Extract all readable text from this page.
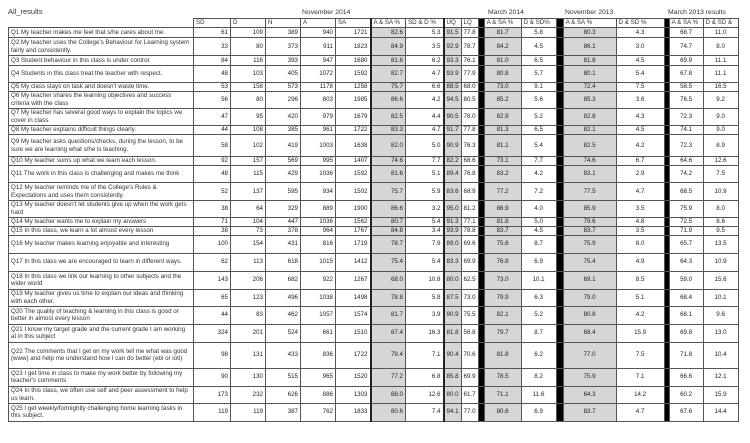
All_results	November 2014	March 2014	November 2013	March 2013 results
	SD	D	N	A	SA	A & SA %	SD & D %	UQ	LQ		A & SA %	D & SD%		A & SA %	D & SD %		A & SA %	D & SD &
Q1 My teacher makes me feel that s/he cares about me.	61	109	389	940	1721	82.6	5.3	91.5	77.8		81.7	5.8		80.3	4.3		68.7	11.0
Q2 My teacher uses the College's Behaviour for Learning system fairly and consistently.	33	80	373	911	1823	84.9	3.5	92.9	78.7		84.2	4.5		86.1	3.0		74.7	8.0
Q3 Student behaviour in this class is under control.	84	116	393	947	1680	81.6	6.2	93.3	76.1		81.0	6.5		81.8	4.5		69.9	11.1
Q4 Students in this class treat the teacher with respect.	48	103	405	1072	1592	82.7	4.7	93.9	77.9		80.8	5.7		80.1	5.4		67.8	11.1
Q5 My class stays on task and doesn't waste time.	53	158	573	1178	1258	75.7	6.6	88.5	68.0		73.0	9.1		72.4	7.5		58.5	16.5
Q6 My teacher shares the learning objectives and success criteria with the class	56	80	296	803	1985	86.6	4.2	94.5	80.5		85.2	5.6		85.3	3.6		76.5	9.2
Q7 My teacher has several good ways to explain the topics we cover in class	47	95	420	979	1679	82.5	4.4	90.5	78.0		82.9	5.2		82.8	4.3		72.3	9.0
Q8 My teacher explains difficult things clearly.	44	108	385	961	1722	83.3	4.7	91.7	77.8		81.3	6.5		82.1	4.5		74.1	9.0
Q9 My teacher asks questions/checks, during the lesson, to be sure we are learning what s/he is teaching.	58	102	419	1003	1638	82.0	5.0	90.9	76.3		81.1	5.4		82.5	4.2		72.3	8.9
Q10 My teacher sums up what we learn each lesson.	92	157	569	995	1407	74.6	7.7	82.2	68.6		73.1	7.7		74.6	6.7		64.6	12.6
Q11 The work in this class is challenging and makes me think	48	115	429	1036	1592	81.6	5.1	89.4	76.8		83.2	4.2		83.1	2.9		74.2	7.5
Q12 My teacher reminds me of the College's Rules & Expectations and uses them consistently.	52	137	595	934	1502	75.7	5.9	83.6	68.9		77.2	7.2		77.5	4.7		68.5	10.9
Q13 My teacher doesn't let students give up when the work gets hard	38	64	329	889	1900	86.6	3.2	95.0	81.2		86.9	4.0		85.9	3.5		75.9	8.0
Q14 My teacher wants me to explain my answers	71	104	447	1036	1562	80.7	5.4	91.3	77.1		81.8	5.0		79.6	4.8		72.5	8.6
Q15 In this class, we learn a lot almost every lesson	38	73	378	964	1767	84.8	3.4	93.9	78.8		83.7	4.5		83.7	3.5		71.9	9.5
Q16 My teacher makes learning enjoyable and interesting	100	154	431	816	1719	78.7	7.9	89.0	69.6		75.6	8.7		75.9	8.0		65.7	13.5
Q17 In this class we are encouraged to learn in different ways.	62	113	618	1015	1412	75.4	5.4	83.3	69.9		76.8	6.9		75.4	4.9		64.3	10.9
Q18 In this class we link our learning to other subjects and the wider world	143	206	682	922	1267	68.0	10.8	80.0	62.5		73.0	10.1		69.1	8.5		59.0	15.6
Q19 My teacher gives us time to explain our ideas and thinking with each other.	65	123	496	1038	1498	78.8	5.8	87.5	73.0		79.9	6.3		79.0	5.1		68.4	10.1
Q20 The quality of teaching & learning in this class is good or better in almost every lesson	44	83	462	1057	1574	81.7	3.9	90.9	75.5		82.1	5.2		80.8	4.2		68.1	9.6
Q21 I know my target grade and the current grade I am working at in this subject	324	201	524	661	1510	67.4	16.3	81.8	56.8		79.7	8.7		68.4	15.9		69.8	13.0
Q22 The comments that I get on my work tell me what was good (www) and help me understand how I can do better (ebi or ioti)	98	131	433	836	1722	79.4	7.1	90.4	70.6		81.8	6.2		77.0	7.5		71.8	10.4
Q23 I get time in class to make my work better by following my teacher's comments	90	130	515	965	1520	77.2	6.8	85.8	69.9		78.5	8.2		75.9	7.1		66.6	12.1
Q24 In this class, we often use self and peer assessment to help us learn.	173	232	626	886	1303	68.0	12.6	80.0	61.7		71.1	11.6		64.3	14.2		60.2	15.9
Q25 I get weekly/fortnightly challenging home learning tasks in this subject.	119	119	387	762	1833	80.6	7.4	94.1	77.0		80.6	6.9		83.7	4.7		67.6	14.4
